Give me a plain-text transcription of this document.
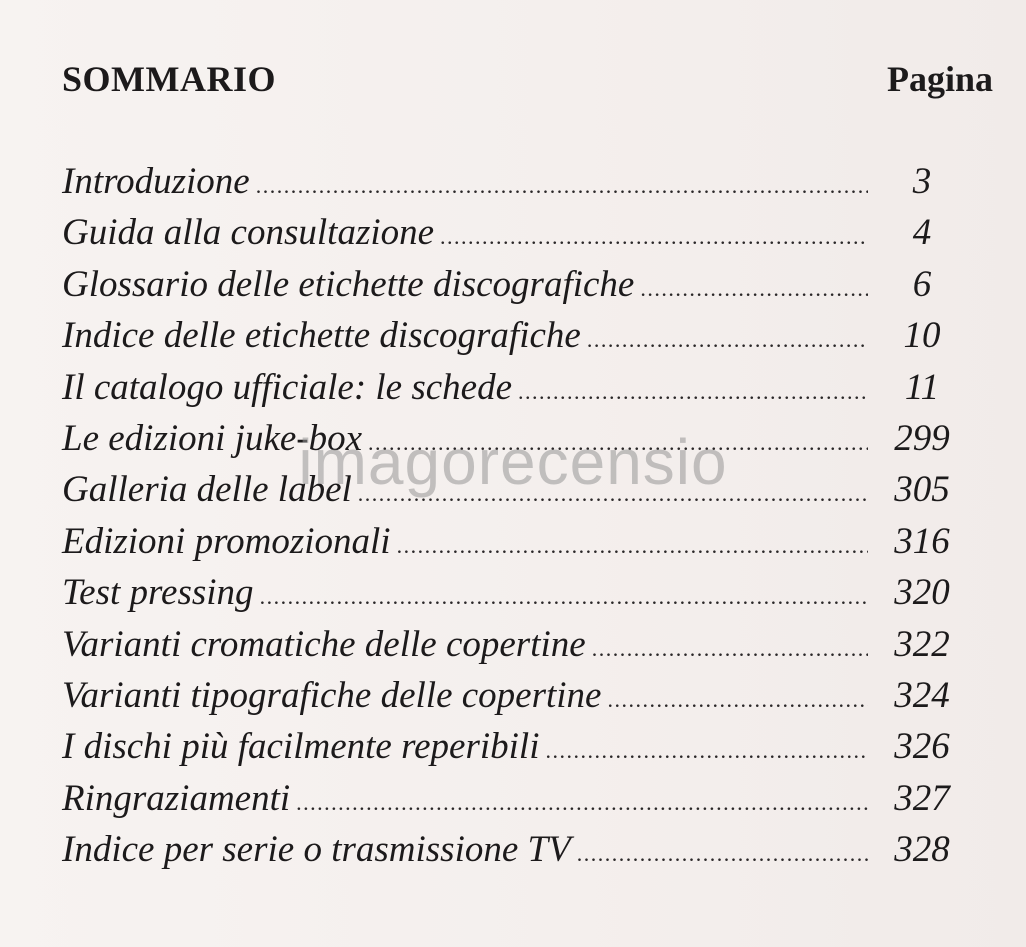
SOMMARIO	Pagina
Introduzione .....	3
Guida alla consultazione .....	4
Glossario delle etichette discografiche .....	6
Indice delle etichette discografiche .....	10
Il catalogo ufficiale: le schede .....	11
Le edizioni juke-box .....	299
Galleria delle label .....	305
Edizioni promozionali .....	316
Test pressing .....	320
Varianti cromatiche delle copertine .....	322
Varianti tipografiche delle copertine .....	324
I dischi più facilmente reperibili .....	326
Ringraziamenti .....	327
Indice per serie o trasmissione TV .....	328
imagorecensio
